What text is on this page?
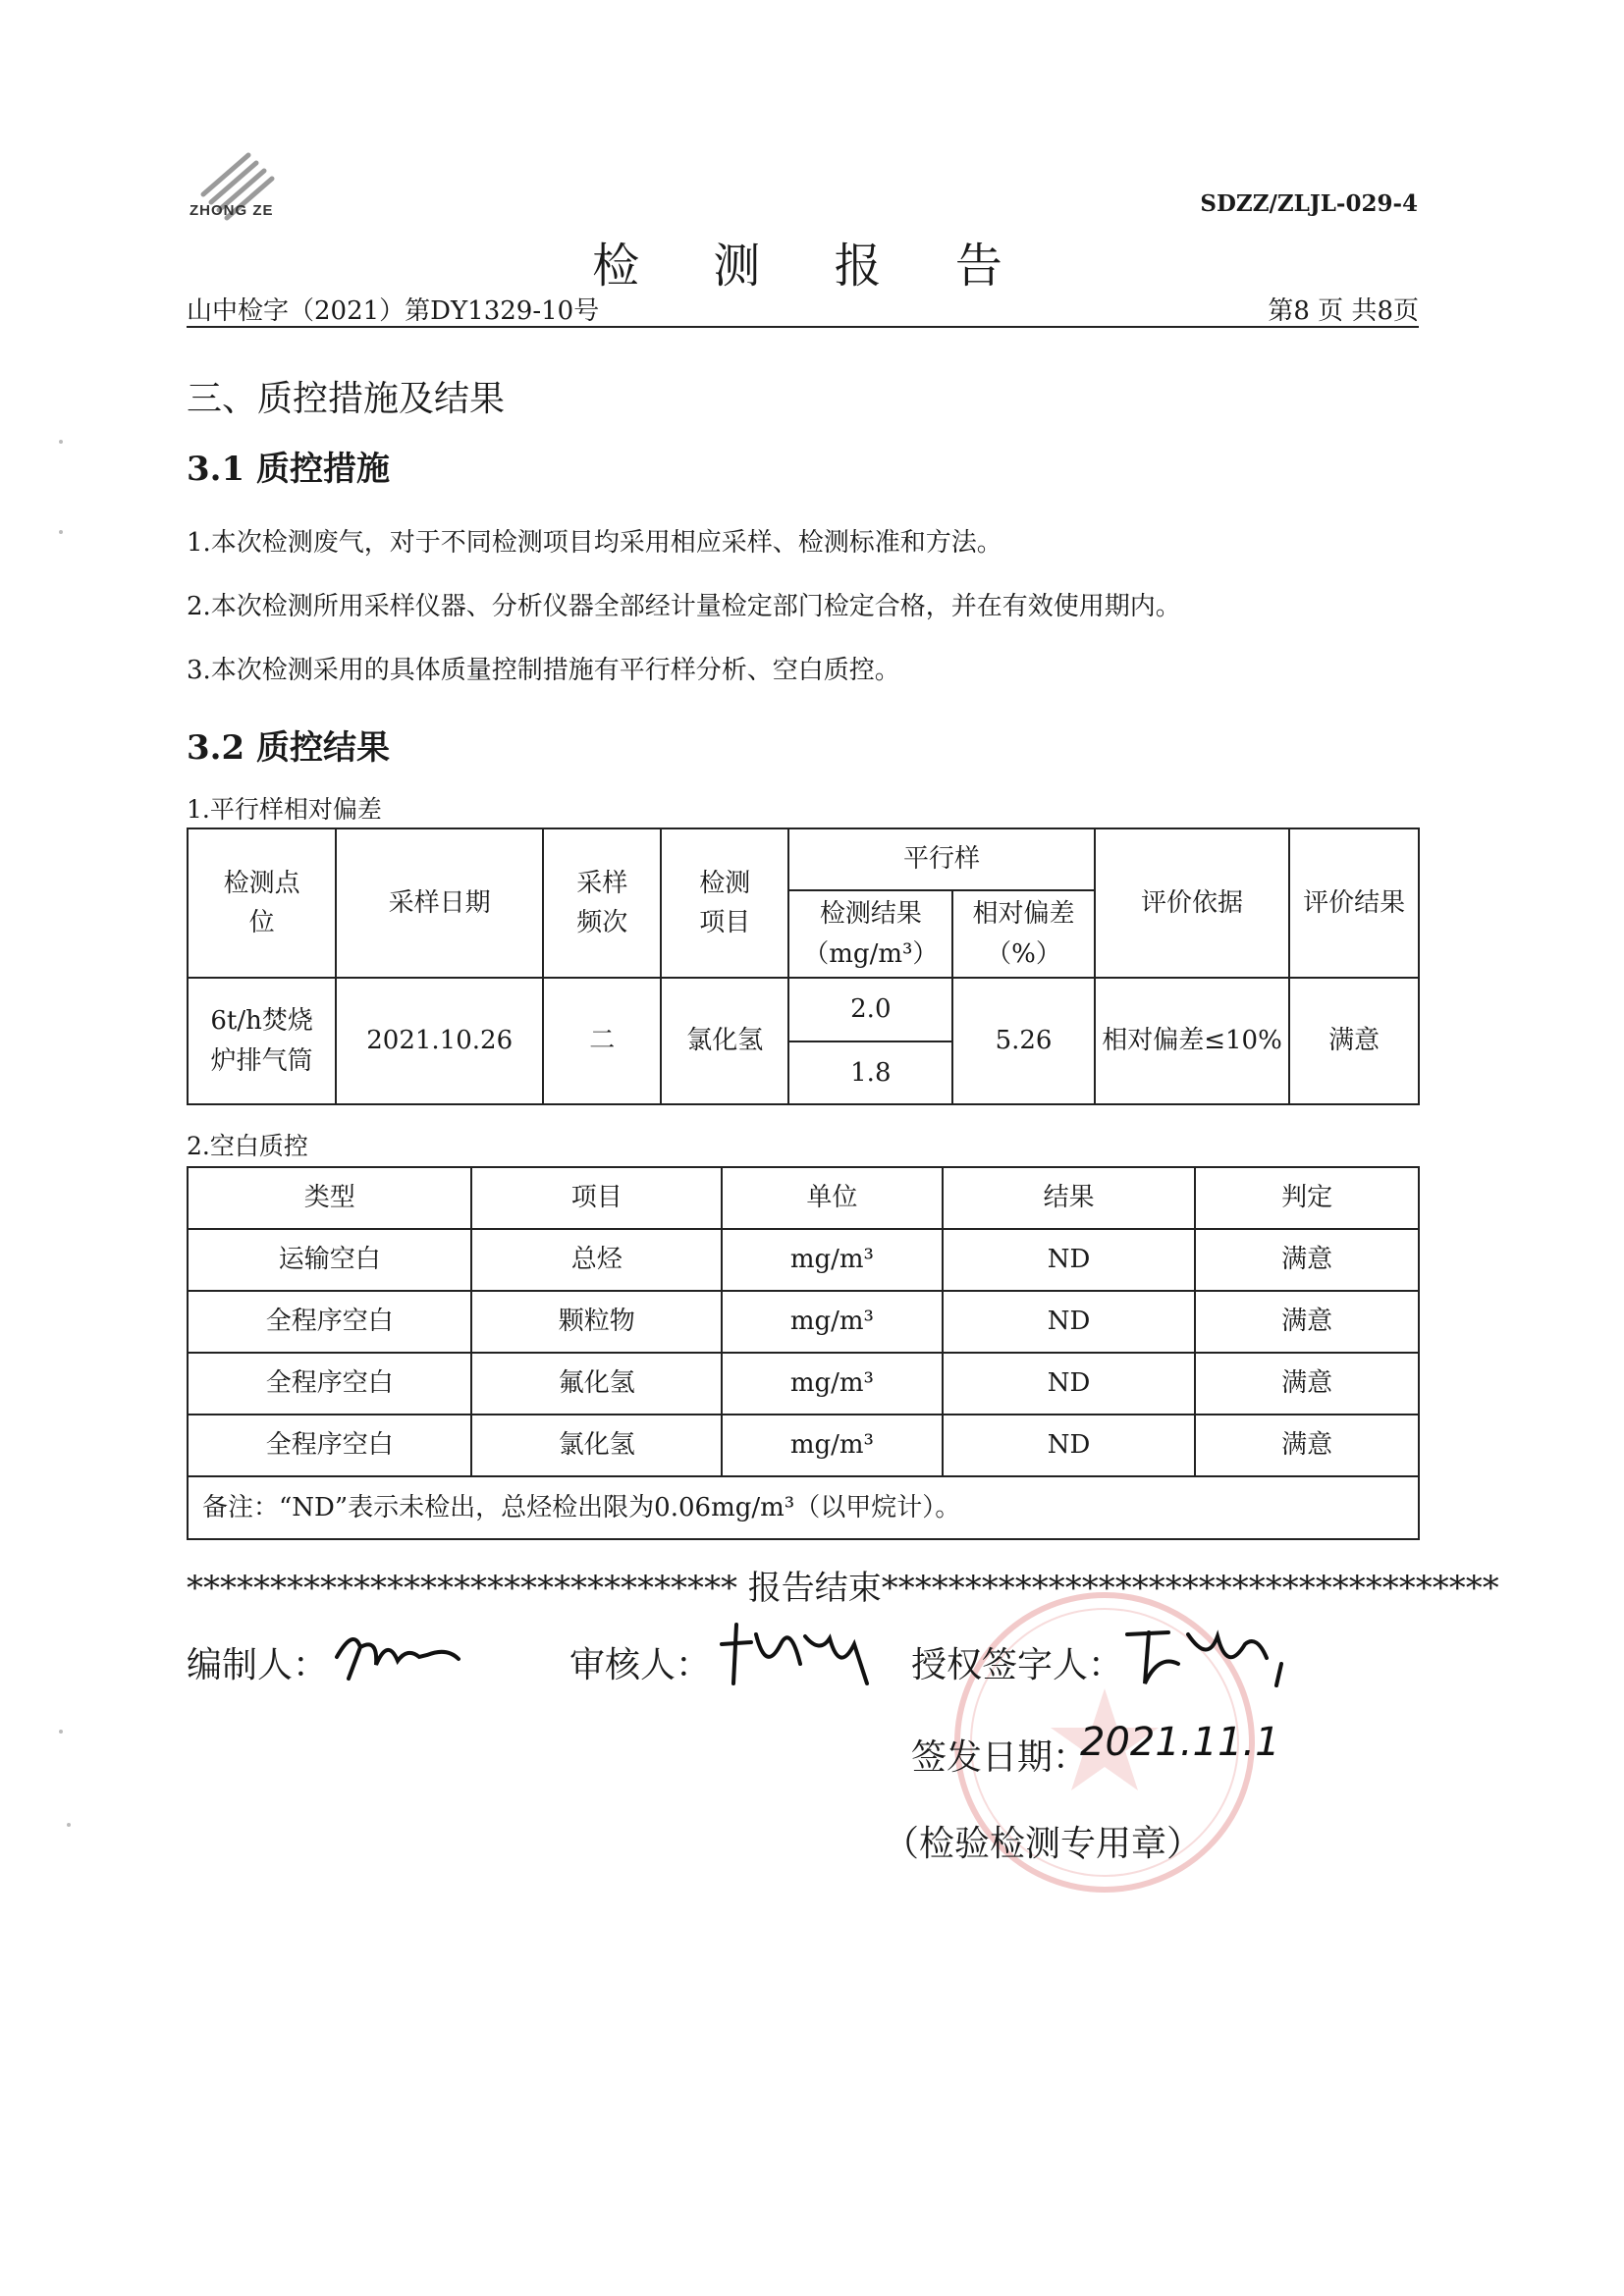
ZHONG ZE	SDZZ/ZLJL-029-4
检 测 报 告
山中检字（2021）第DY1329-10号	第8 页 共8页
三、质控措施及结果
3.1 质控措施
1.本次检测废气，对于不同检测项目均采用相应采样、检测标准和方法。
2.本次检测所用采样仪器、分析仪器全部经计量检定部门检定合格，并在有效使用期内。
3.本次检测采用的具体质量控制措施有平行样分析、空白质控。
3.2 质控结果
1.平行样相对偏差
检测点位	采样日期	采样频次	检测项目	平行样		评价依据	评价结果
				检测结果（mg/m³）	相对偏差（%）		
6t/h焚烧炉排气筒	2021.10.26	二	氯化氢	2.0	5.26	相对偏差≤10%	满意
				1.8			
2.空白质控
类型	项目	单位	结果	判定
运输空白	总烃	mg/m³	ND	满意
全程序空白	颗粒物	mg/m³	ND	满意
全程序空白	氟化氢	mg/m³	ND	满意
全程序空白	氯化氢	mg/m³	ND	满意
备注：“ND”表示未检出，总烃检出限为0.06mg/m³（以甲烷计）。				
********************************* 报告结束*************************************
编制人：	审核人：	授权签字人：
签发日期：
2021.11.1
（检验检测专用章）
